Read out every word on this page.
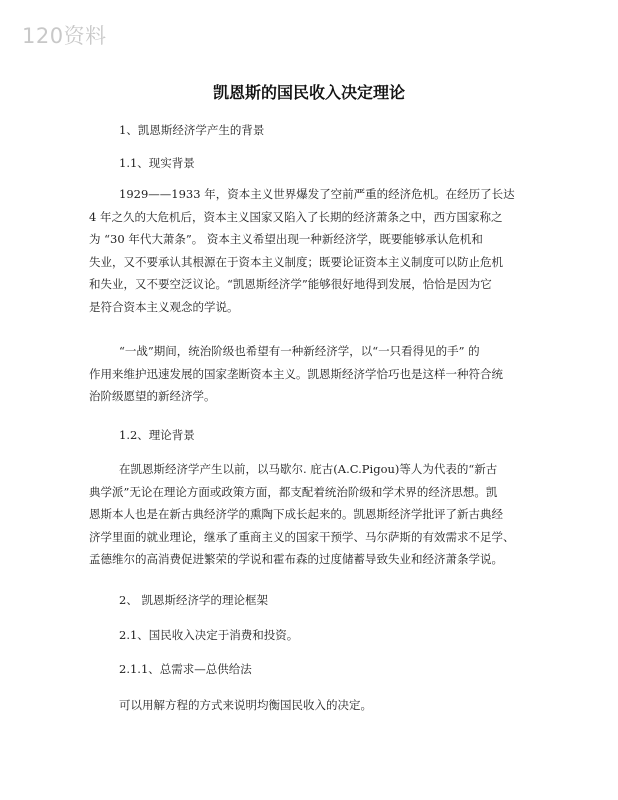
120资料
凯恩斯的国民收入决定理论
1、凯恩斯经济学产生的背景
1.1、现实背景
1929——1933 年，资本主义世界爆发了空前严重的经济危机。在经历了长达
4 年之久的大危机后，资本主义国家又陷入了长期的经济萧条之中，西方国家称之
为 “30 年代大萧条”。 资本主义希望出现一种新经济学，既要能够承认危机和
失业，又不要承认其根源在于资本主义制度；既要论证资本主义制度可以防止危机
和失业，又不要空泛议论。“凯恩斯经济学”能够很好地得到发展，恰恰是因为它
是符合资本主义观念的学说。
“一战”期间，统治阶级也希望有一种新经济学，以“一只看得见的手” 的
作用来维护迅速发展的国家垄断资本主义。凯恩斯经济学恰巧也是这样一种符合统
治阶级愿望的新经济学。
1.2、理论背景
在凯恩斯经济学产生以前，以马歇尔. 庇古(A.C.Pigou)等人为代表的“新古
典学派”无论在理论方面或政策方面，都支配着统治阶级和学术界的经济思想。凯
恩斯本人也是在新古典经济学的熏陶下成长起来的。凯恩斯经济学批评了新古典经
济学里面的就业理论，继承了重商主义的国家干预学、马尔萨斯的有效需求不足学、
孟德维尔的高消费促进繁荣的学说和霍布森的过度储蓄导致失业和经济萧条学说。
2、 凯恩斯经济学的理论框架
2.1、国民收入决定于消费和投资。
2.1.1、总需求—总供给法
可以用解方程的方式来说明均衡国民收入的决定。
